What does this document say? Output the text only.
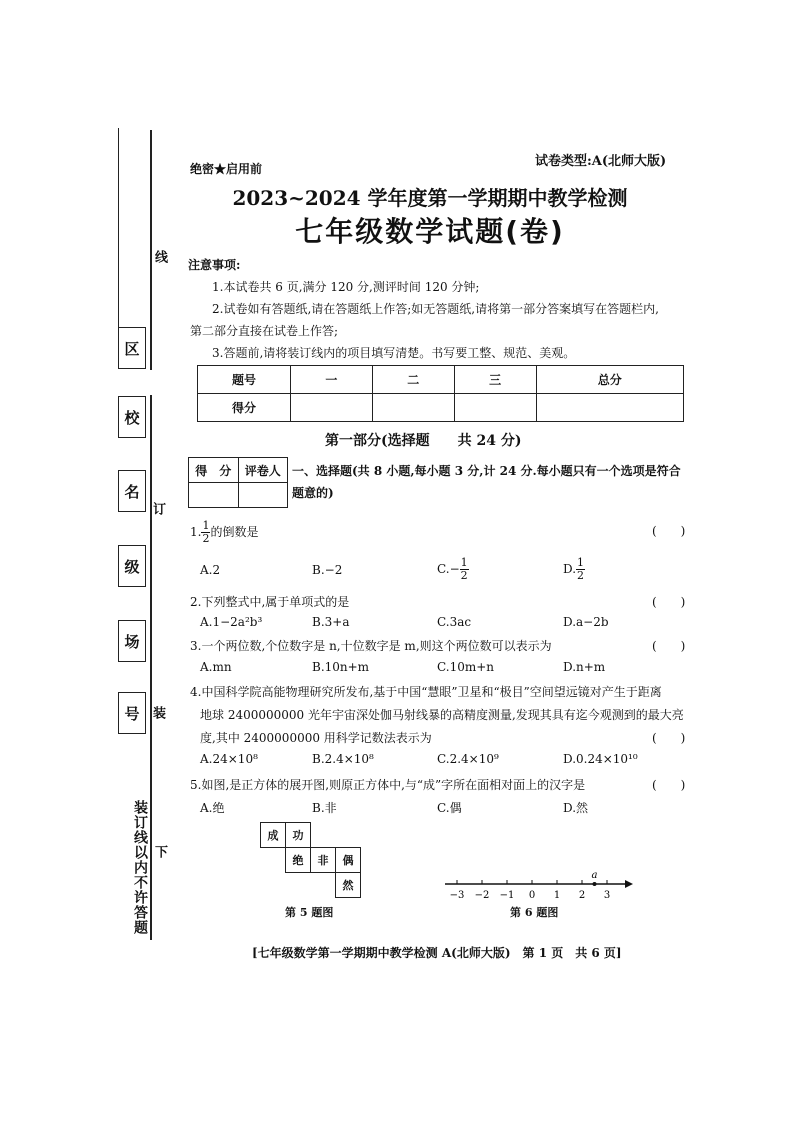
区
校
名
级
场
号
线
订
装
装订线以内不许答题 下
绝密★启用前	试卷类型:A(北师大版)
2023~2024 学年度第一学期期中教学检测
七年级数学试题(卷)
注意事项:
1.本试卷共 6 页,满分 120 分,测评时间 120 分钟;
2.试卷如有答题纸,请在答题纸上作答;如无答题纸,请将第一部分答案填写在答题栏内,
第二部分直接在试卷上作答;
3.答题前,请将装订线内的项目填写清楚。书写要工整、规范、美观。
题号	一	二	三	总分
得分				
第一部分(选择题　　共 24 分)
得　分	评卷人
	一、选择题(共 8 小题,每小题 3 分,计 24 分.每小题只有一个选项是符合
题意的)
1. $\frac{1}{2}$ 的倒数是	(　　)
A.2	B.−2	$C.- \frac{1}{2}$	D. $\frac{1}{2}$
2.下列整式中,属于单项式的是	(　　)
A.1−2a²b³	B.3+a	C.3ac	D.a−2b
3.一个两位数,个位数字是 n,十位数字是 m,则这个两位数可以表示为	(　　)
A.mn	B.10n+m	C.10m+n	D.n+m
4.中国科学院高能物理研究所发布,基于中国“慧眼”卫星和“极目”空间望远镜对产生于距离
地球 2400000000 光年宇宙深处伽马射线暴的高精度测量,发现其具有迄今观测到的最大亮
度,其中 2400000000 用科学记数法表示为	(　　)
A.24×10⁸	B.2.4×10⁸	C.2.4×10⁹	D.0.24×10¹⁰
5.如图,是正方体的展开图,则原正方体中,与“成”字所在面相对面上的汉字是	(　　)
A.绝	B.非	C.偶	D.然
成	功
绝	非	偶
然
第 5 题图
−3 −2 −1 0 1 2 3
a
第 6 题图
[七年级数学第一学期期中教学检测 A(北师大版)　第 1 页　共 6 页]
